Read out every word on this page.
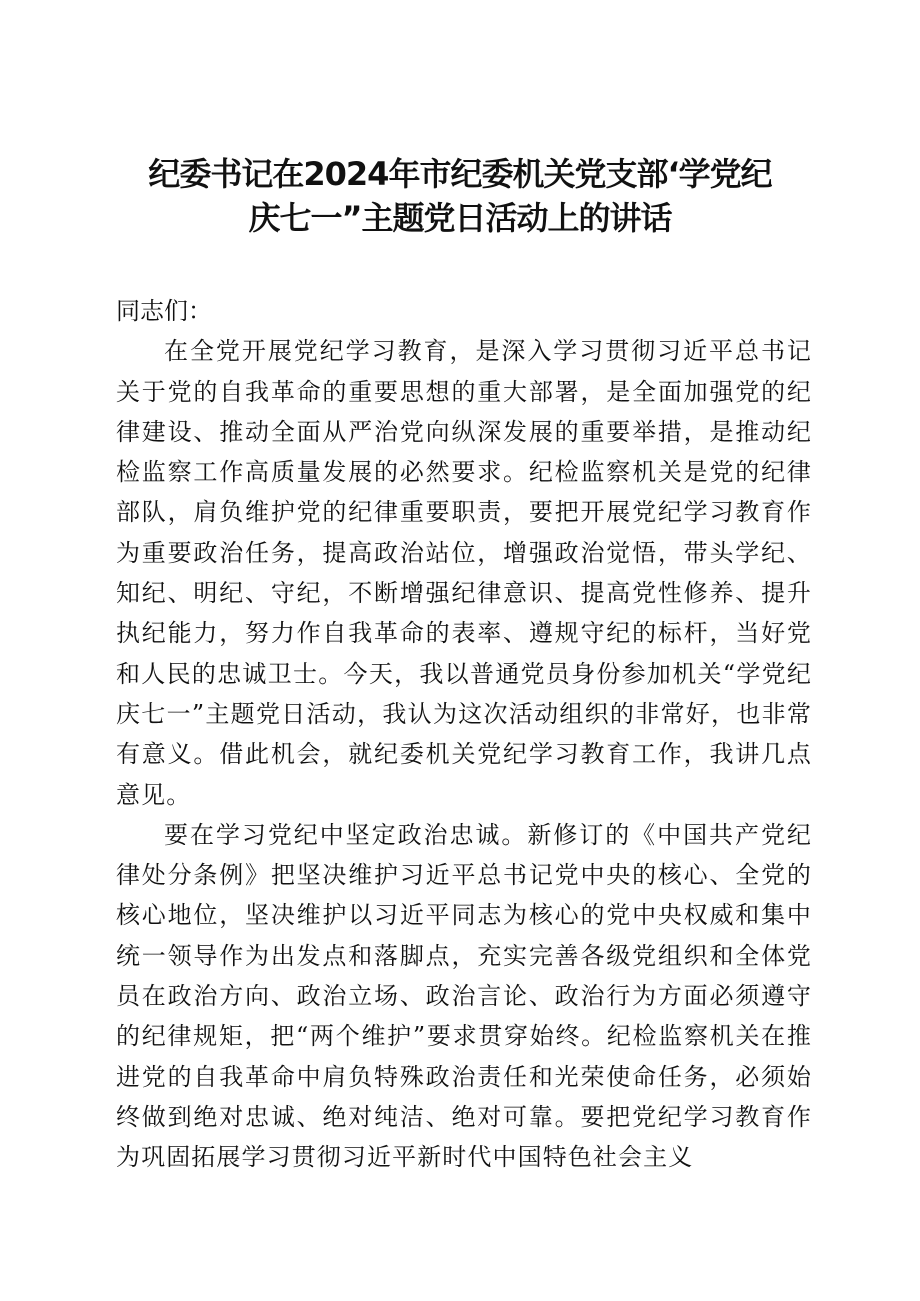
纪委书记在2024年市纪委机关党支部‘学党纪
庆七一”主题党日活动上的讲话

同志们：

在全党开展党纪学习教育，是深入学习贯彻习近平总书记关于党的自我革命的重要思想的重大部署，是全面加强党的纪律建设、推动全面从严治党向纵深发展的重要举措，是推动纪检监察工作高质量发展的必然要求。纪检监察机关是党的纪律部队，肩负维护党的纪律重要职责，要把开展党纪学习教育作为重要政治任务，提高政治站位，增强政治觉悟，带头学纪、知纪、明纪、守纪，不断增强纪律意识、提高党性修养、提升执纪能力，努力作自我革命的表率、遵规守纪的标杆，当好党和人民的忠诚卫士。今天，我以普通党员身份参加机关“学党纪庆七一”主题党日活动，我认为这次活动组织的非常好，也非常有意义。借此机会，就纪委机关党纪学习教育工作，我讲几点意见。

要在学习党纪中坚定政治忠诚。新修订的《中国共产党纪律处分条例》把坚决维护习近平总书记党中央的核心、全党的核心地位，坚决维护以习近平同志为核心的党中央权威和集中统一领导作为出发点和落脚点，充实完善各级党组织和全体党员在政治方向、政治立场、政治言论、政治行为方面必须遵守的纪律规矩，把“两个维护”要求贯穿始终。纪检监察机关在推进党的自我革命中肩负特殊政治责任和光荣使命任务，必须始终做到绝对忠诚、绝对纯洁、绝对可靠。要把党纪学习教育作为巩固拓展学习贯彻习近平新时代中国特色社会主义
